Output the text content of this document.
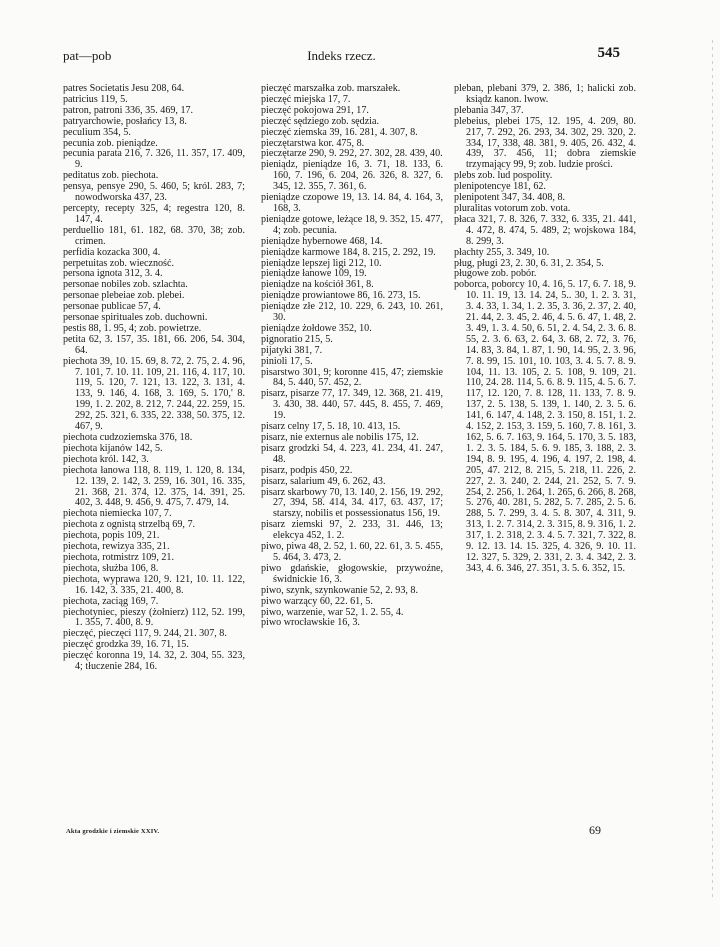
pat—pob	Indeks rzecz.	545
patres Societatis Jesu 208, 64.
patricius 119, 5.
patron, patroni 336, 35. 469, 17.
patryarchowie, posłańcy 13, 8.
peculium 354, 5.
pecunia zob. pieniądze.
pecunia parata 216, 7. 326, 11. 357, 17. 409, 9.
peditatus zob. piechota.
pensya, pensye 290, 5. 460, 5; król. 283, 7; nowodworska 437, 23.
percepty, recepty 325, 4; regestra 120, 8. 147, 4.
perduellio 181, 61. 182, 68. 370, 38; zob. crimen.
perfidia kozacka 300, 4.
perpetuitas zob. wieczność.
persona ignota 312, 3. 4.
personae nobiles zob. szlachta.
personae plebeiae zob. plebei.
personae publicae 57, 4.
personae spirituales zob. duchowni.
pestis 88, 1. 95, 4; zob. powietrze.
petita 62, 3. 157, 35. 181, 66. 206, 54. 304, 64.
piechota 39, 10. 15. 69, 8. 72, 2. 75, 2. 4. 96, 7. 101, 7. 10. 11. 109, 21. 116, 4. 117, 10. 119, 5. 120, 7. 121, 13. 122, 3. 131, 4. 133, 9. 146, 4. 168, 3. 169, 5. 170,' 8. 199, 1. 2. 202, 8. 212, 7. 244, 22. 259, 15. 292, 25. 321, 6. 335, 22. 338, 50. 375, 12. 467, 9.
piechota cudzoziemska 376, 18.
piechota kijanów 142, 5.
piechota król. 142, 3.
piechota łanowa 118, 8. 119, 1. 120, 8. 134, 12. 139, 2. 142, 3. 259, 16. 301, 16. 335, 21. 368, 21. 374, 12. 375, 14. 391, 25. 402, 3. 448, 9. 456, 9. 475, 7. 479, 14.
piechota niemiecka 107, 7.
piechota z ognistą strzelbą 69, 7.
piechota, popis 109, 21.
piechota, rewizya 335, 21.
piechota, rotmistrz 109, 21.
piechota, służba 106, 8.
piechota, wyprawa 120, 9. 121, 10. 11. 122, 16. 142, 3. 335, 21. 400, 8.
piechota, zaciąg 169, 7.
piechotyniec, pieszy (żołnierz) 112, 52. 199, 1. 355, 7. 400, 8. 9.
pieczęć, pieczęci 117, 9. 244, 21. 307, 8.
pieczęć grodzka 39, 16. 71, 15.
pieczęć koronna 19, 14. 32, 2. 304, 55. 323, 4; tłuczenie 284, 16.
pieczęć marszałka zob. marszałek.
pieczęć miejska 17, 7.
pieczęć pokojowa 291, 17.
pieczęć sędziego zob. sędzia.
pieczęć ziemska 39, 16. 281, 4. 307, 8.
pieczętarstwa kor. 475, 8.
pieczętarze 290, 9. 292, 27. 302, 28. 439, 40.
pieniądz, pieniądze 16, 3. 71, 18. 133, 6. 160, 7. 196, 6. 204, 26. 326, 8. 327, 6. 345, 12. 355, 7. 361, 6.
pieniądze czopowe 19, 13. 14. 84, 4. 164, 3, 168, 3.
pieniądze gotowe, leżące 18, 9. 352, 15. 477, 4; zob. pecunia.
pieniądze hybernowe 468, 14.
pieniądze karmowe 184, 8. 215, 2. 292, 19.
pieniądze lepszej ligi 212, 10.
pieniądze łanowe 109, 19.
pieniądze na kościół 361, 8.
pieniądze prowiantowe 86, 16. 273, 15.
pieniądze złe 212, 10. 229, 6. 243, 10. 261, 30.
pieniądze żołdowe 352, 10.
pignoratio 215, 5.
pijatyki 381, 7.
pinioli 17, 5.
pisarstwo 301, 9; koronne 415, 47; ziemskie 84, 5. 440, 57. 452, 2.
pisarz, pisarze 77, 17. 349, 12. 368, 21. 419, 3. 430, 38. 440, 57. 445, 8. 455, 7. 469, 19.
pisarz celny 17, 5. 18, 10. 413, 15.
pisarz, nie externus ale nobilis 175, 12.
pisarz grodzki 54, 4. 223, 41. 234, 41. 247, 48.
pisarz, podpis 450, 22.
pisarz, salarium 49, 6. 262, 43.
pisarz skarbowy 70, 13. 140, 2. 156, 19. 292, 27, 394, 58. 414, 34. 417, 63. 437, 17; starszy, nobilis et possessionatus 156, 19.
pisarz ziemski 97, 2. 233, 31. 446, 13; elekcya 452, 1. 2.
piwo, piwa 48, 2. 52, 1. 60, 22. 61, 3. 5. 455, 5. 464, 3. 473, 2.
piwo gdańskie, głogowskie, przywoźne, świdnickie 16, 3.
piwo, szynk, szynkowanie 52, 2. 93, 8.
piwo warzący 60, 22. 61, 5.
piwo, warzenie, war 52, 1. 2. 55, 4.
piwo wrocławskie 16, 3.
pleban, plebani 379, 2. 386, 1; halicki zob. ksiądz kanon. lwow.
plebania 347, 37.
plebeius, plebei 175, 12. 195, 4. 209, 80. 217, 7. 292, 26. 293, 34. 302, 29. 320, 2. 334, 17, 338, 48. 381, 9. 405, 26. 432, 4. 439, 37. 456, 11; dobra ziemskie trzymający 99, 9; zob. ludzie prości.
plebs zob. lud pospolity.
plenipotencye 181, 62.
plenipotent 347, 34. 408, 8.
pluralitas votorum zob. vota.
płaca 321, 7. 8. 326, 7. 332, 6. 335, 21. 441, 4. 472, 8. 474, 5. 489, 2; wojskowa 184, 8. 299, 3.
płachty 255, 3. 349, 10.
pług, pługi 23, 2. 30, 6. 31, 2. 354, 5.
pługowe zob. pobór.
poborca, poborcy 10, 4. 16, 5. 17, 6. 7. 18, 9. 10. 11. 19, 13. 14. 24, 5.. 30, 1. 2. 3. 31, 3. 4. 33, 1. 34, 1. 2. 35, 3. 36, 2. 37, 2. 40, 21. 44, 2. 3. 45, 2. 46, 4. 5. 6. 47, 1. 48, 2. 3. 49, 1. 3. 4. 50, 6. 51, 2. 4. 54, 2. 3. 6. 8. 55, 2. 3. 6. 63, 2. 64, 3. 68, 2. 72, 3. 76, 14. 83, 3. 84, 1. 87, 1. 90, 14. 95, 2. 3. 96, 7. 8. 99, 15. 101, 10. 103, 3. 4. 5. 7. 8. 9. 104, 11. 13. 105, 2. 5. 108, 9. 109, 21. 110, 24. 28. 114, 5. 6. 8. 9. 115, 4. 5. 6. 7. 117, 12. 120, 7. 8. 128, 11. 133, 7. 8. 9. 137, 2. 5. 138, 5. 139, 1. 140, 2. 3. 5. 6. 141, 6. 147, 4. 148, 2. 3. 150, 8. 151, 1. 2. 4. 152, 2. 153, 3. 159, 5. 160, 7. 8. 161, 3. 162, 5. 6. 7. 163, 9. 164, 5. 170, 3. 5. 183, 1. 2. 3. 5. 184, 5. 6. 9. 185, 3. 188, 2. 3. 194, 8. 9. 195, 4. 196, 4. 197, 2. 198, 4. 205, 47. 212, 8. 215, 5. 218, 11. 226, 2. 227, 2. 3. 240, 2. 244, 21. 252, 5. 7. 9. 254, 2. 256, 1. 264, 1. 265, 6. 266, 8. 268, 5. 276, 40. 281, 5. 282, 5. 7. 285, 2. 5. 6. 288, 5. 7. 299, 3. 4. 5. 8. 307, 4. 311, 9. 313, 1. 2. 7. 314, 2. 3. 315, 8. 9. 316, 1. 2. 317, 1. 2. 318, 2. 3. 4. 5. 7. 321, 7. 322, 8. 9. 12. 13. 14. 15. 325, 4. 326, 9. 10. 11. 12. 327, 5. 329, 2. 331, 2. 3. 4. 342, 2. 3. 343, 4. 6. 346, 27. 351, 3. 5. 6. 352, 15.
Akta grodzkie i ziemskie XXIV.	69
